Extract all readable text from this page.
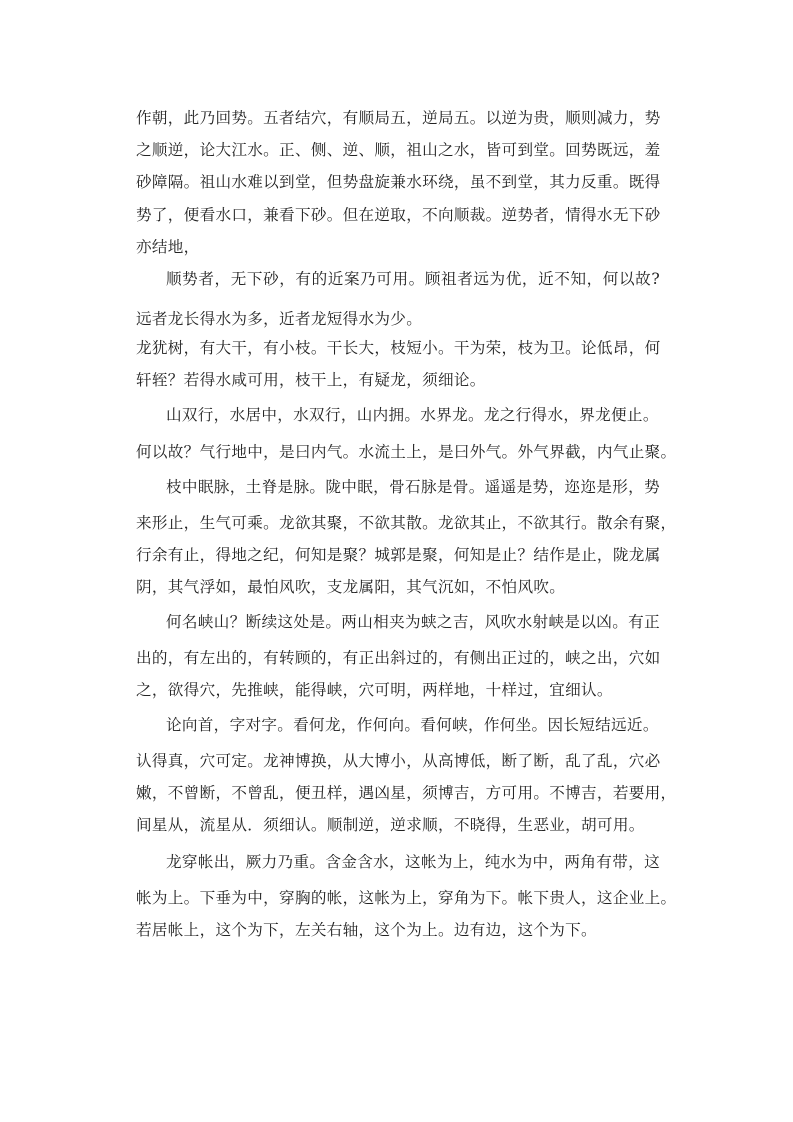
作朝，此乃回势。五者结穴，有顺局五，逆局五。以逆为贵，顺则减力，势
之顺逆，论大江水。正、侧、逆、顺，祖山之水，皆可到堂。回势既远，羞
砂障隔。祖山水难以到堂，但势盘旋兼水环绕，虽不到堂，其力反重。既得
势了，便看水口，兼看下砂。但在逆取，不向顺裁。逆势者，情得水无下砂
亦结地，
顺势者，无下砂，有的近案乃可用。顾祖者远为优，近不知，何以故?
远者龙长得水为多，近者龙短得水为少。
龙犹树，有大干，有小枝。干长大，枝短小。干为荣，枝为卫。论低昂，何
轩轾？若得水咸可用，枝干上，有疑龙，须细论。
山双行，水居中，水双行，山内拥。水界龙。龙之行得水，界龙便止。
何以故？气行地中，是曰内气。水流土上，是曰外气。外气界截，内气止聚。
枝中眠脉，土脊是脉。陇中眠，骨石脉是骨。遥遥是势，迩迩是形，势
来形止，生气可乘。龙欲其聚，不欲其散。龙欲其止，不欲其行。散余有聚，
行余有止，得地之纪，何知是聚？城郭是聚，何知是止？结作是止，陇龙属
阴，其气浮如，最怕风吹，支龙属阳，其气沉如，不怕风吹。
何名峡山？断续这处是。两山相夹为蛱之吉，风吹水射峡是以凶。有正
出的，有左出的，有转顾的，有正出斜过的，有侧出正过的，峡之出，穴如
之，欲得穴，先推峡，能得峡，穴可明，两样地，十样过，宜细认。
论向首，字对字。看何龙，作何向。看何峡，作何坐。因长短结远近。
认得真，穴可定。龙神博换，从大博小，从高博低，断了断，乱了乱，穴必
嫩，不曾断，不曾乱，便丑样，遇凶星，须博吉，方可用。不博吉，若要用，
间星从，流星从．须细认。顺制逆，逆求顺，不晓得，生恶业，胡可用。
龙穿帐出，厥力乃重。含金含水，这帐为上，纯水为中，两角有带，这
帐为上。下垂为中，穿胸的帐，这帐为上，穿角为下。帐下贵人，这企业上。
若居帐上，这个为下，左关右轴，这个为上。边有边，这个为下。
